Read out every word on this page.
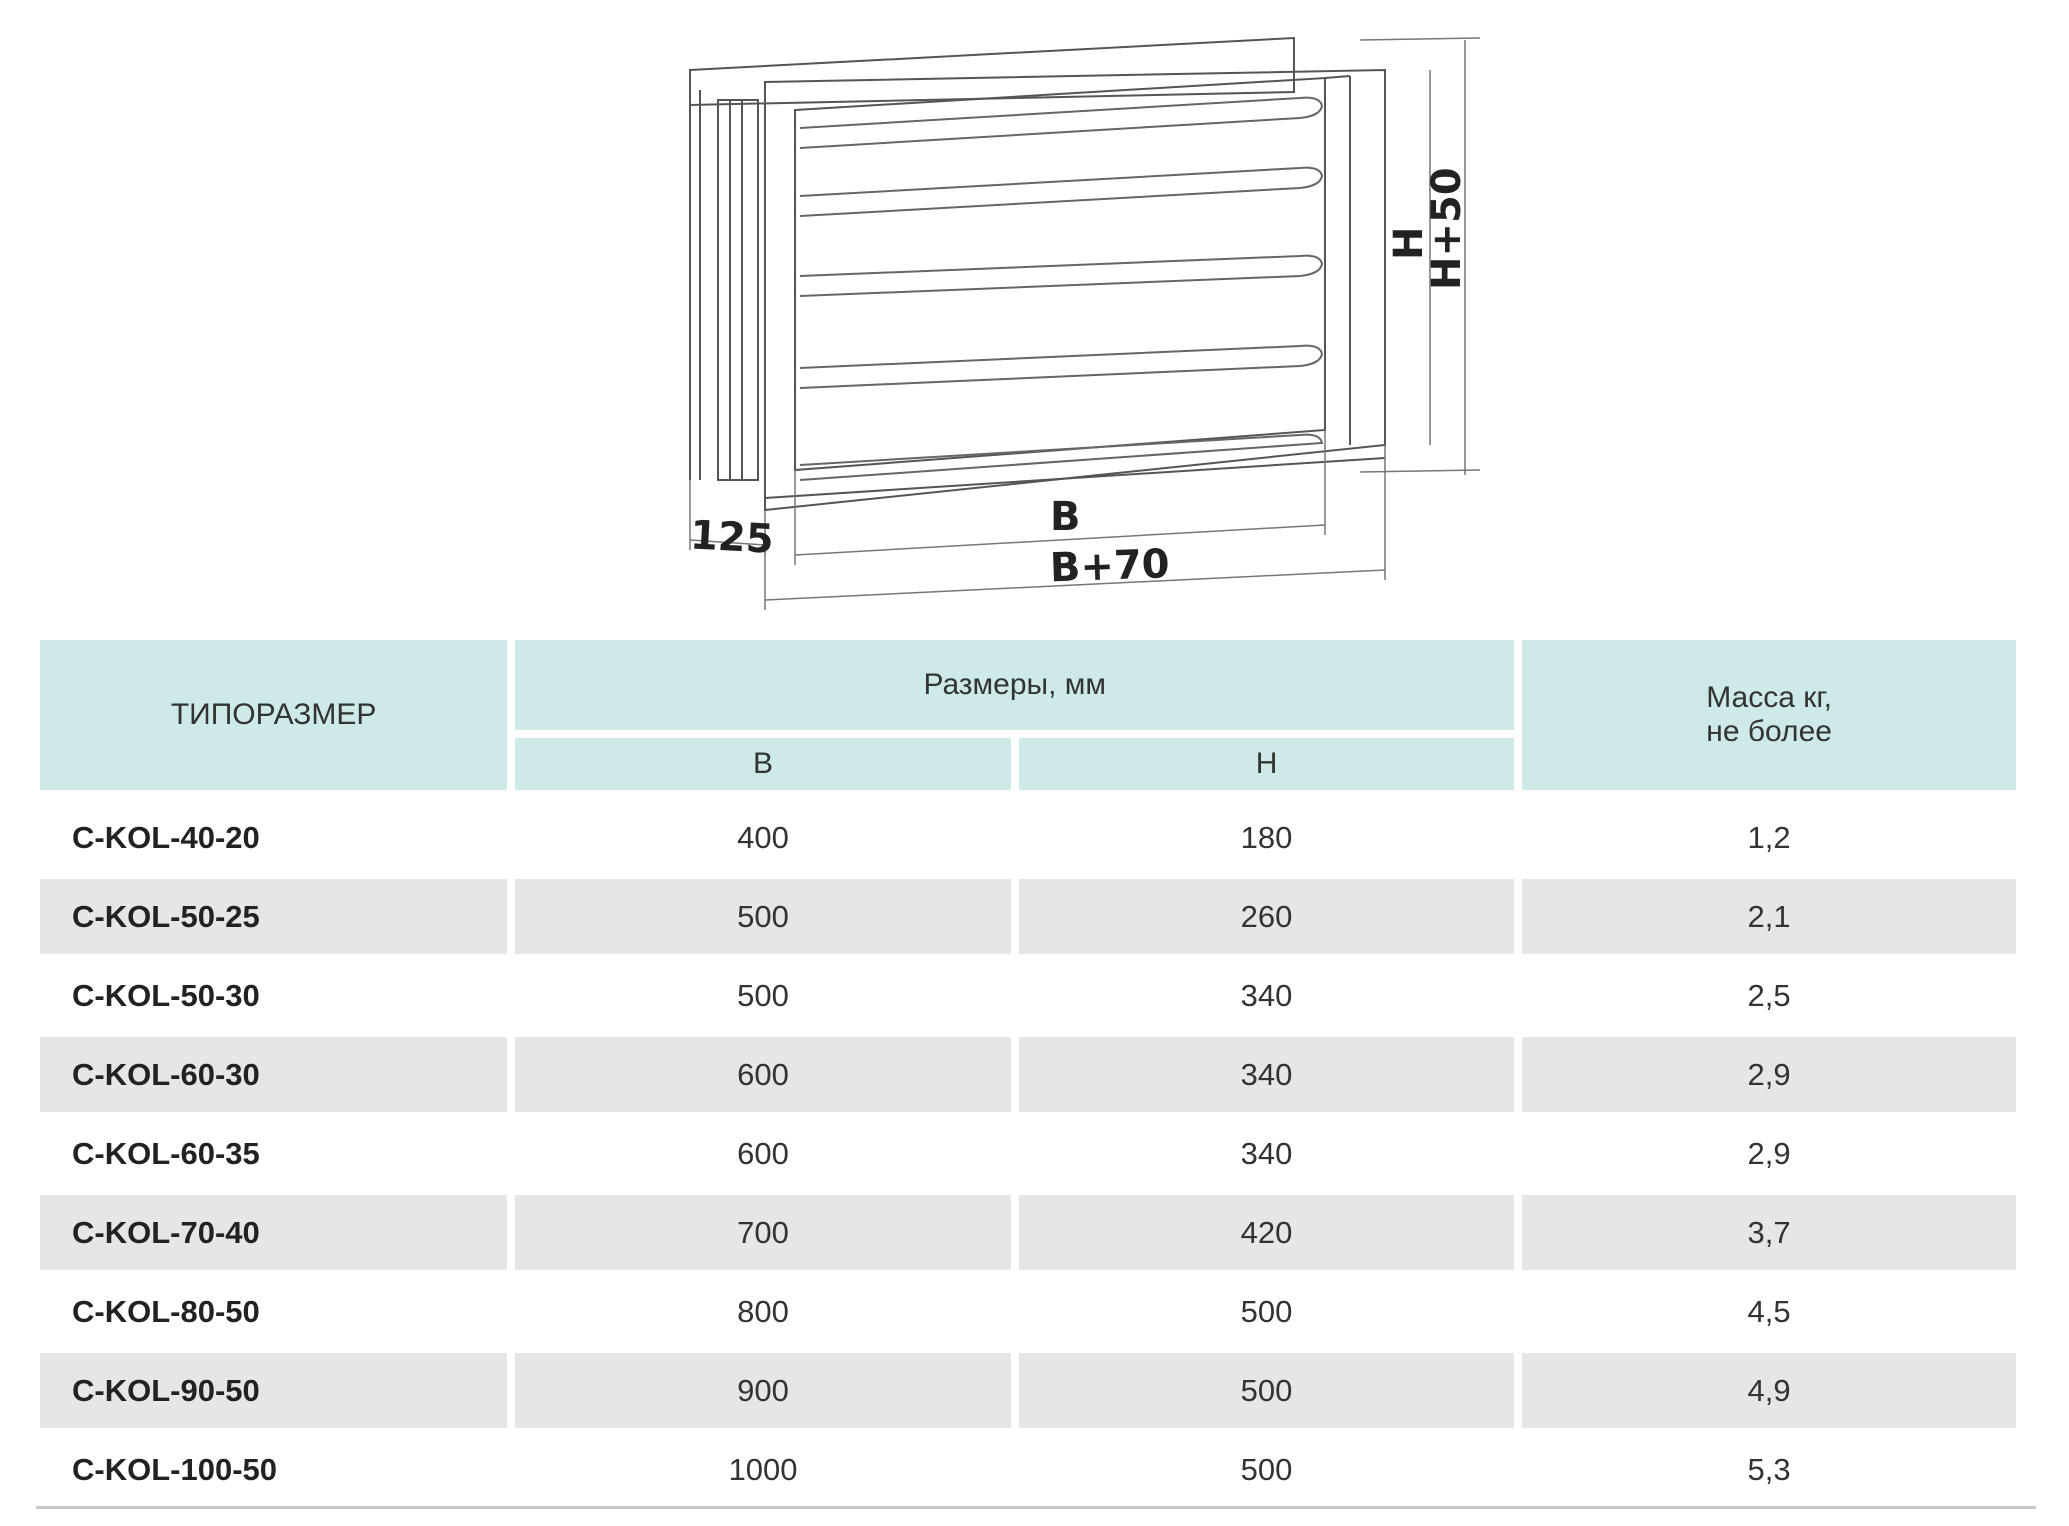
125	B
B+70
H
H+50
ТИПОРАЗМЕР	Размеры, мм		Масса кг,
не более
	B	H	
C-KOL-40-20	400	180	1,2
C-KOL-50-25	500	260	2,1
C-KOL-50-30	500	340	2,5
C-KOL-60-30	600	340	2,9
C-KOL-60-35	600	340	2,9
C-KOL-70-40	700	420	3,7
C-KOL-80-50	800	500	4,5
C-KOL-90-50	900	500	4,9
C-KOL-100-50	1000	500	5,3
